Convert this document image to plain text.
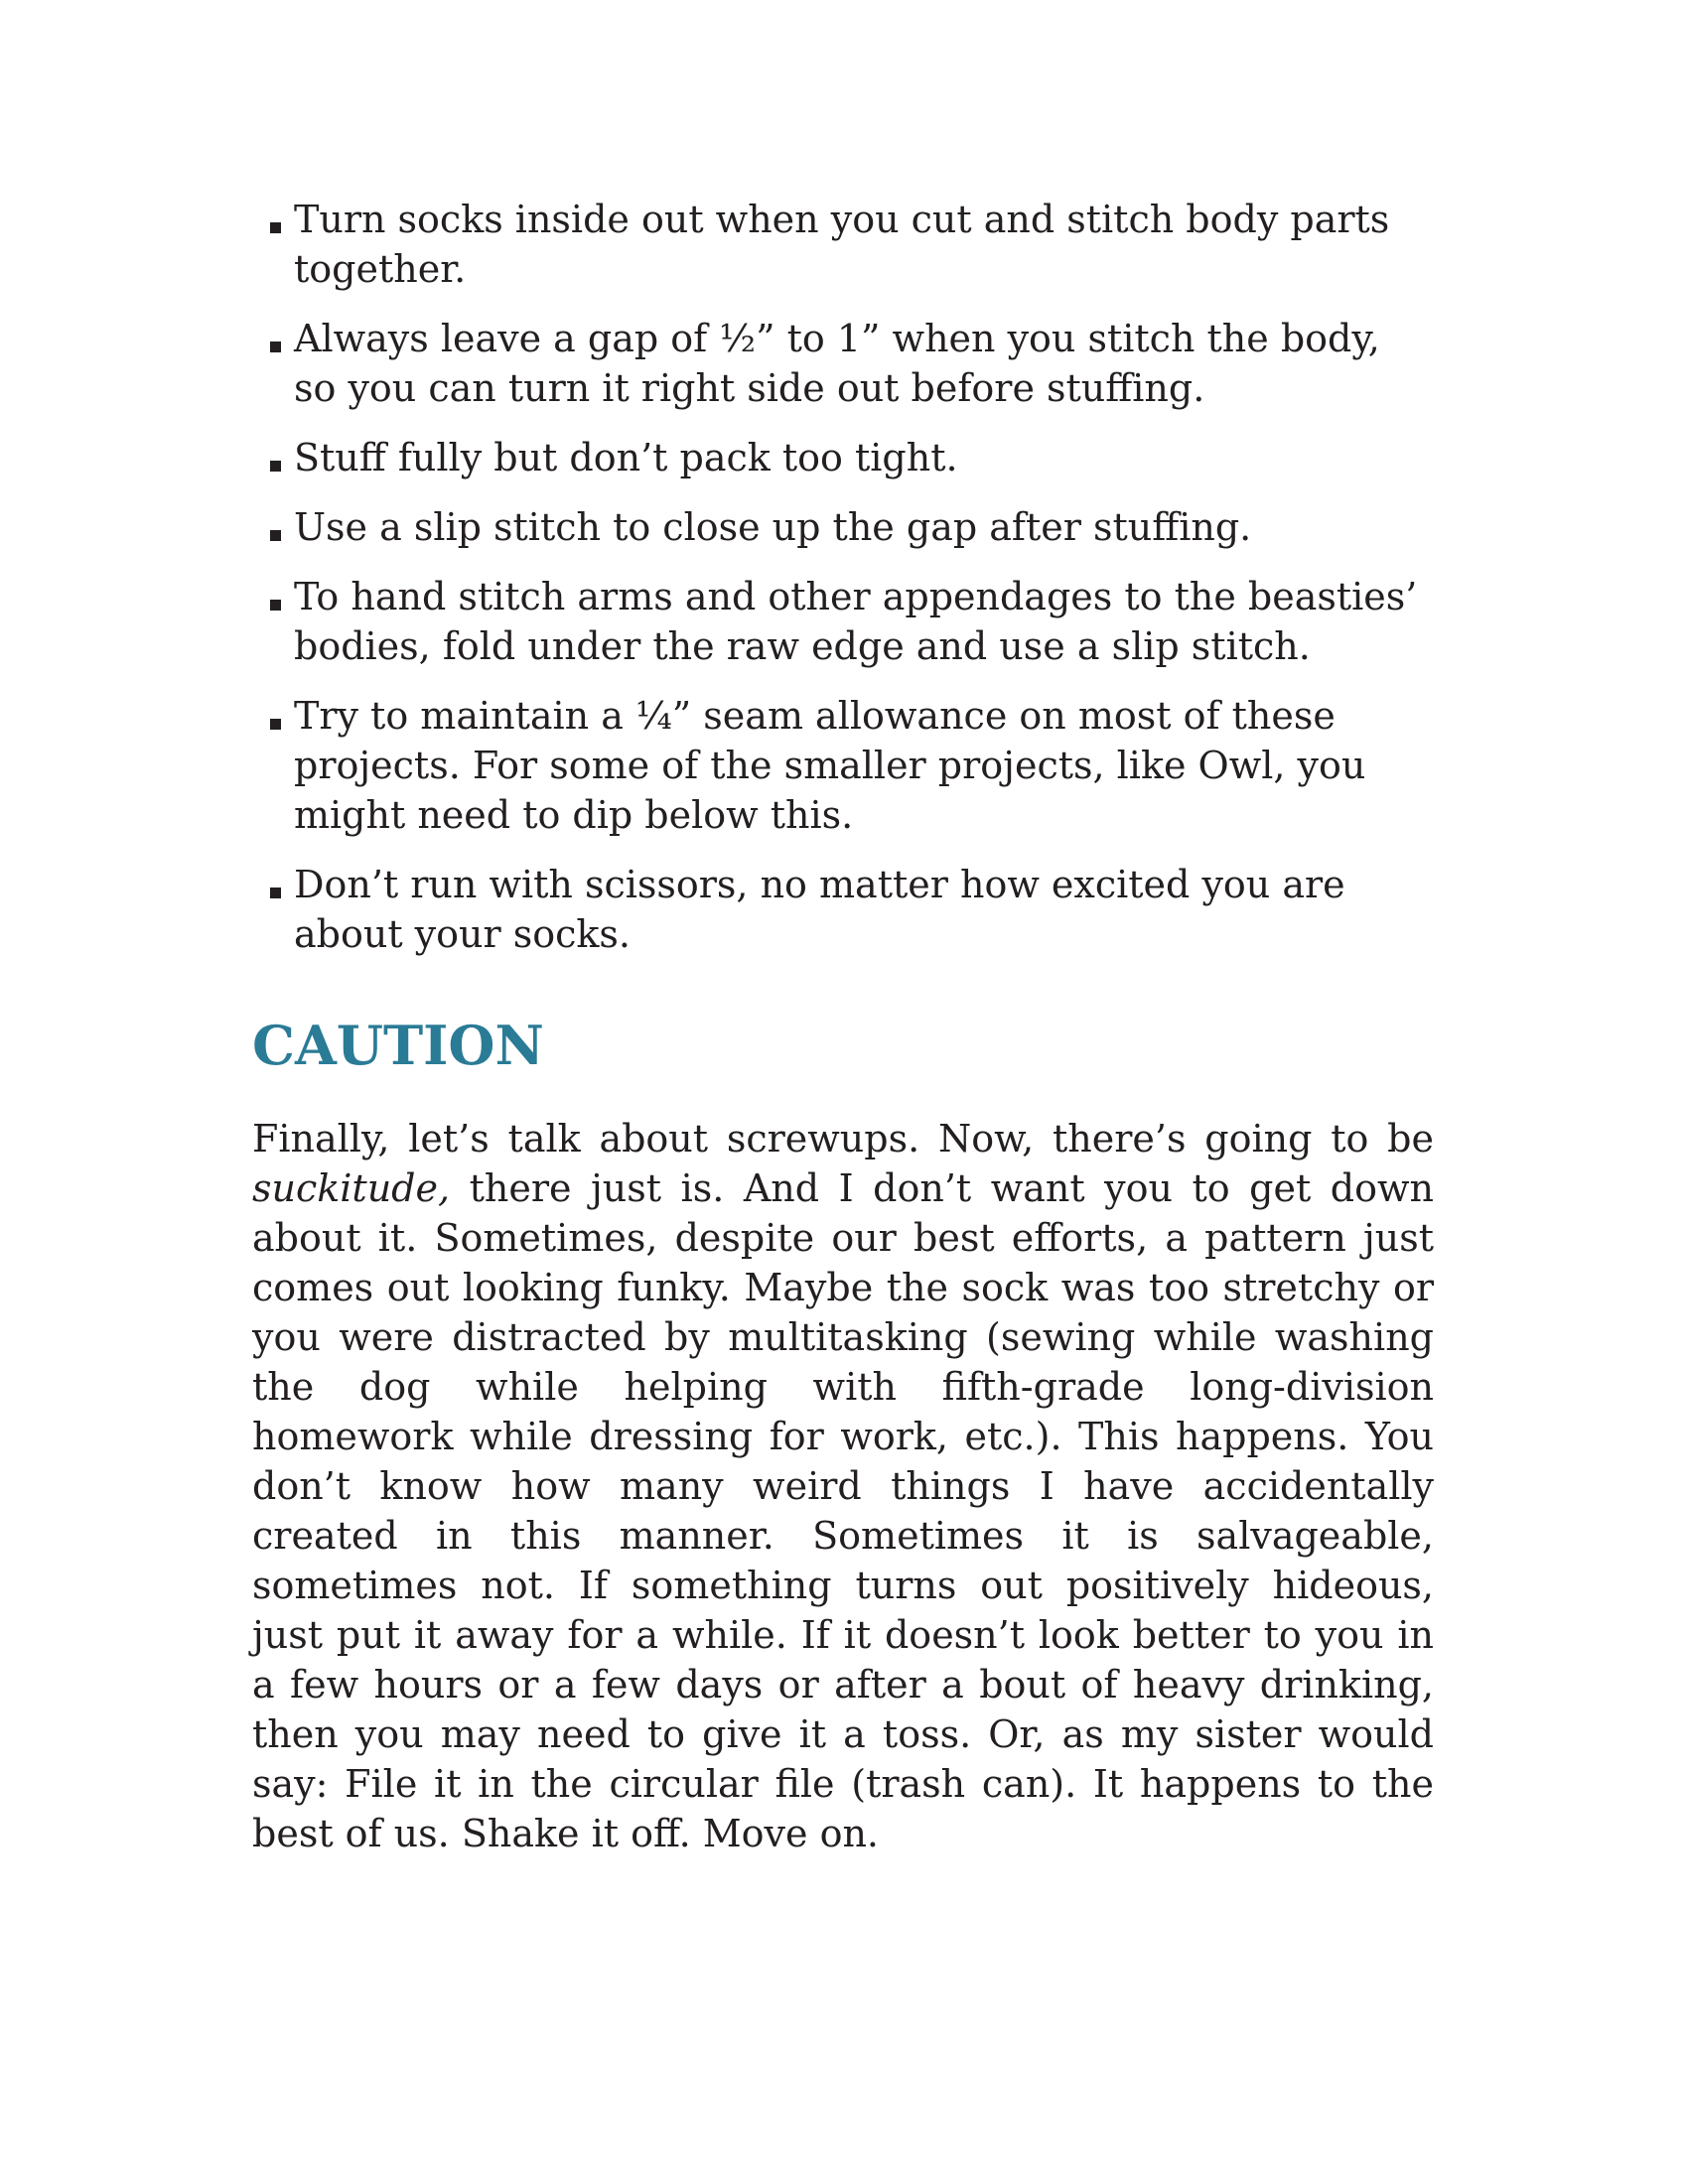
Turn socks inside out when you cut and stitch body parts together.
Always leave a gap of ½” to 1” when you stitch the body, so you can turn it right side out before stuffing.
Stuff fully but don’t pack too tight.
Use a slip stitch to close up the gap after stuffing.
To hand stitch arms and other appendages to the beasties’ bodies, fold under the raw edge and use a slip stitch.
Try to maintain a ¼” seam allowance on most of these projects. For some of the smaller projects, like Owl, you might need to dip below this.
Don’t run with scissors, no matter how excited you are about your socks.
CAUTION

Finally, let’s talk about screwups. Now, there’s going to be suckitude, there just is. And I don’t want you to get down about it. Sometimes, despite our best efforts, a pattern just comes out looking funky. Maybe the sock was too stretchy or you were distracted by multitasking (sewing while washing the dog while helping with fifth-grade long-division homework while dressing for work, etc.). This happens. You don’t know how many weird things I have accidentally created in this manner. Sometimes it is salvageable, sometimes not. If something turns out positively hideous, just put it away for a while. If it doesn’t look better to you in a few hours or a few days or after a bout of heavy drinking, then you may need to give it a toss. Or, as my sister would say: File it in the circular file (trash can). It happens to the best of us. Shake it off. Move on.
